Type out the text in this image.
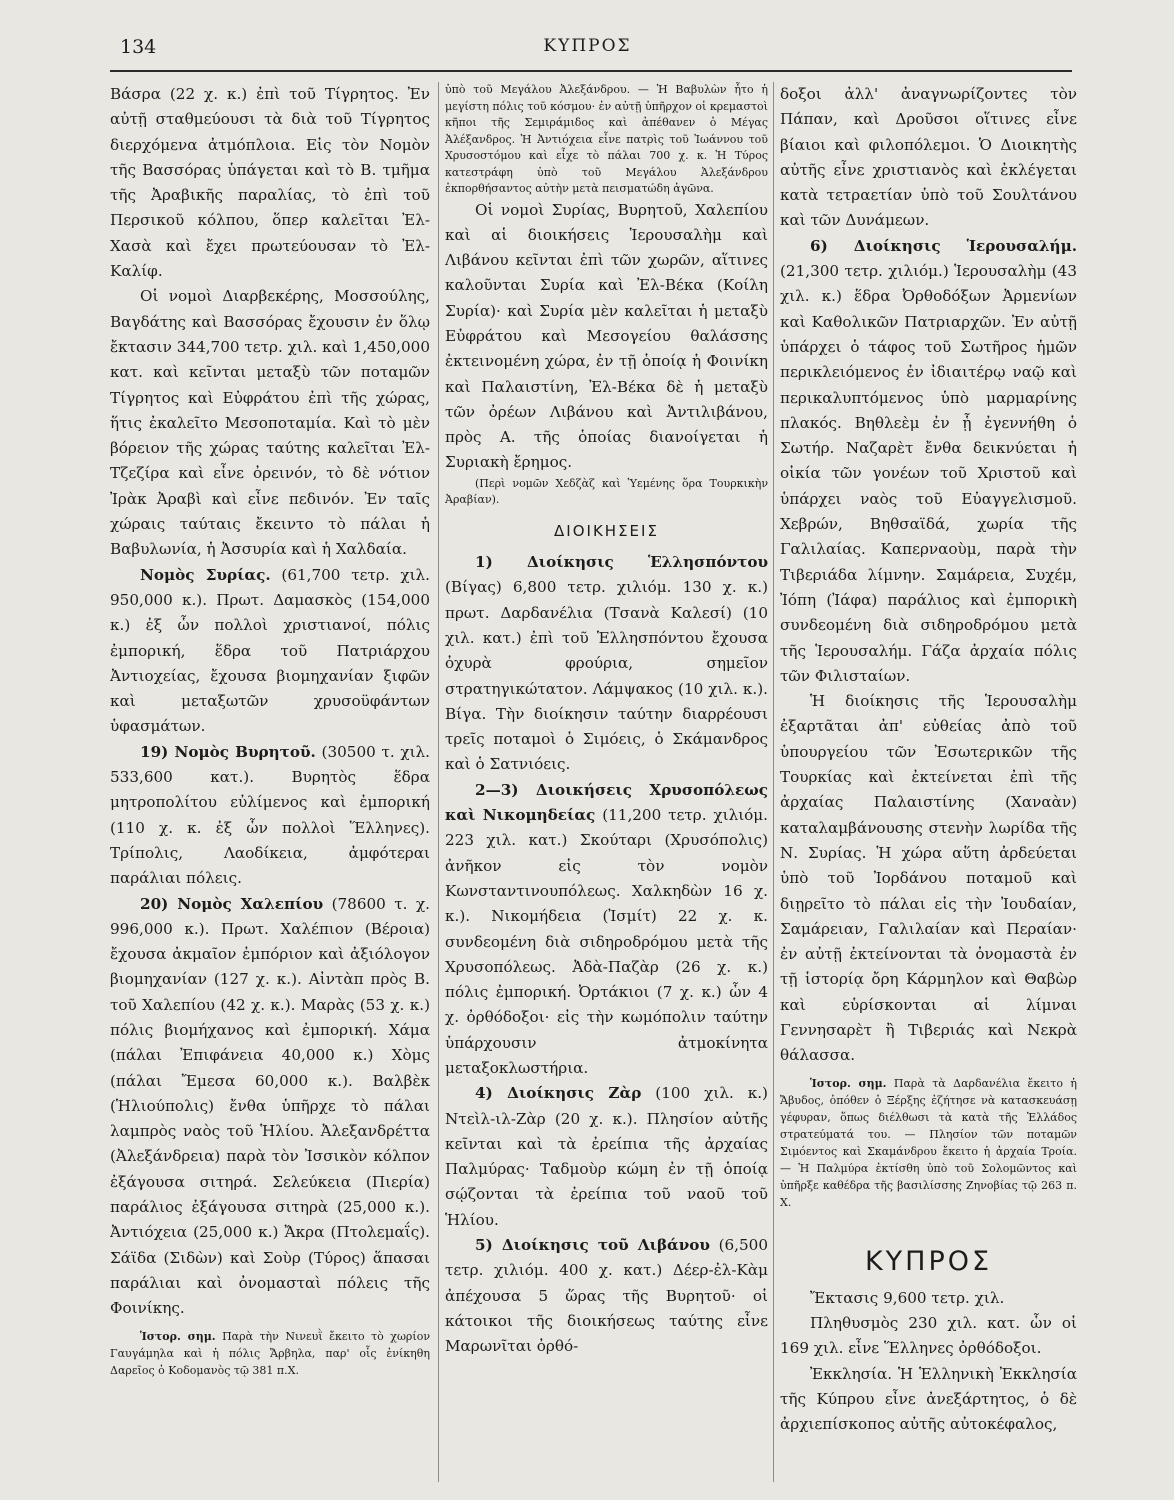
134	ΚΥΠΡΟΣ

Βάσρα (22 χ. κ.) ἐπὶ τοῦ Τίγρητος. Ἐν αὐτῇ σταθμεύουσι τὰ διὰ τοῦ Τίγρητος διερχόμενα ἀτμόπλοια. Εἰς τὸν Νομὸν τῆς Βασσόρας ὑπάγεται καὶ τὸ Β. τμῆμα τῆς Ἀραβικῆς παραλίας, τὸ ἐπὶ τοῦ Περσικοῦ κόλπου, ὅπερ καλεῖται Ἐλ-Χασὰ καὶ ἔχει πρωτεύουσαν τὸ Ἐλ-Καλίφ.

Οἱ νομοὶ Διαρβεκέρης, Μοσσούλης, Βαγδάτης καὶ Βασσόρας ἔχουσιν ἐν ὅλῳ ἔκτασιν 344,700 τετρ. χιλ. καὶ 1,450,000 κατ. καὶ κεῖνται μεταξὺ τῶν ποταμῶν Τίγρητος καὶ Εὐφράτου ἐπὶ τῆς χώρας, ἥτις ἐκαλεῖτο Μεσοποταμία. Καὶ τὸ μὲν βόρειον τῆς χώρας ταύτης καλεῖται Ἐλ-Τζεζίρα καὶ εἶνε ὀρεινόν, τὸ δὲ νότιον Ἰρὰκ Ἀραβὶ καὶ εἶνε πεδινόν. Ἐν ταῖς χώραις ταύταις ἔκειντο τὸ πάλαι ἡ Βαβυλωνία, ἡ Ἀσσυρία καὶ ἡ Χαλδαία.

Νομὸς Συρίας. (61,700 τετρ. χιλ. 950,000 κ.). Πρωτ. Δαμασκὸς (154,000 κ.) ἐξ ὧν πολλοὶ χριστιανοί, πόλις ἐμπορική, ἕδρα τοῦ Πατριάρχου Ἀντιοχείας, ἔχουσα βιομηχανίαν ξιφῶν καὶ μεταξωτῶν χρυσοϋφάντων ὑφασμάτων.

19) Νομὸς Βυρητοῦ. (30500 τ. χιλ. 533,600 κατ.). Βυρητὸς ἕδρα μητροπολίτου εὐλίμενος καὶ ἐμπορική (110 χ. κ. ἐξ ὧν πολλοὶ Ἕλληνες). Τρίπολις, Λαοδίκεια, ἀμφότεραι παράλιαι πόλεις.

20) Νομὸς Χαλεπίου (78600 τ. χ. 996,000 κ.). Πρωτ. Χαλέπιον (Βέροια) ἔχουσα ἀκμαῖον ἐμπόριον καὶ ἀξιόλογον βιομηχανίαν (127 χ. κ.). Αἰντὰπ πρὸς Β. τοῦ Χαλεπίου (42 χ. κ.). Μαρὰς (53 χ. κ.) πόλις βιομήχανος καὶ ἐμπορική. Χάμα (πάλαι Ἐπιφάνεια 40,000 κ.) Χὸμς (πάλαι Ἔμεσα 60,000 κ.). Βαλβὲκ (Ἡλιούπολις) ἔνθα ὑπῆρχε τὸ πάλαι λαμπρὸς ναὸς τοῦ Ἡλίου. Ἀλεξανδρέττα (Ἀλεξάνδρεια) παρὰ τὸν Ἰσσικὸν κόλπον ἐξάγουσα σιτηρά. Σελεύκεια (Πιερία) παράλιος ἐξάγουσα σιτηρὰ (25,000 κ.). Ἀντιόχεια (25,000 κ.) Ἄκρα (Πτολεμαΐς). Σάϊδα (Σιδὼν) καὶ Σοὺρ (Τύρος) ἅπασαι παράλιαι καὶ ὀνομασταὶ πόλεις τῆς Φοινίκης.

Ἱστορ. σημ. Παρὰ τὴν Νινευῒ ἔκειτο τὸ χωρίον Γαυγάμηλα καὶ ἡ πόλις Ἄρβηλα, παρ' οἷς ἐνίκηθη Δαρεῖος ὁ Κοδομανὸς τῷ 381 π.Χ.

ὑπὸ τοῦ Μεγάλου Ἀλεξάνδρου. — Ἡ Βαβυλὼν ἦτο ἡ μεγίστη πόλις τοῦ κόσμου· ἐν αὐτῇ ὑπῆρχον οἱ κρεμαστοὶ κῆποι τῆς Σεμιράμιδος καὶ ἀπέθανεν ὁ Μέγας Ἀλέξανδρος. Ἡ Ἀντιόχεια εἶνε πατρὶς τοῦ Ἰωάννου τοῦ Χρυσοστόμου καὶ εἶχε τὸ πάλαι 700 χ. κ. Ἡ Τύρος κατεστράφη ὑπὸ τοῦ Μεγάλου Ἀλεξάνδρου ἐκπορθήσαντος αὐτὴν μετὰ πεισματώδη ἀγῶνα.

Οἱ νομοὶ Συρίας, Βυρητοῦ, Χαλεπίου καὶ αἱ διοικήσεις Ἱερουσαλὴμ καὶ Λιβάνου κεῖνται ἐπὶ τῶν χωρῶν, αἵτινες καλοῦνται Συρία καὶ Ἐλ-Βέκα (Κοίλη Συρία)· καὶ Συρία μὲν καλεῖται ἡ μεταξὺ Εὐφράτου καὶ Μεσογείου θαλάσσης ἐκτεινομένη χώρα, ἐν τῇ ὁποίᾳ ἡ Φοινίκη καὶ Παλαιστίνη, Ἐλ-Βέκα δὲ ἡ μεταξὺ τῶν ὀρέων Λιβάνου καὶ Ἀντιλιβάνου, πρὸς Α. τῆς ὁποίας διανοίγεται ἡ Συριακὴ ἔρημος.

(Περὶ νομῶν Χεδζὰζ καὶ Ὑεμένης ὅρα Τουρκικὴν Ἀραβίαν).

ΔΙΟΙΚΗΣΕΙΣ

1) Διοίκησις Ἑλλησπόντου (Βίγας) 6,800 τετρ. χιλιόμ. 130 χ. κ.) πρωτ. Δαρδανέλια (Τσανὰ Καλεσί) (10 χιλ. κατ.) ἐπὶ τοῦ Ἑλλησπόντου ἔχουσα ὀχυρὰ φρούρια, σημεῖον στρατηγικώτατον. Λάμψακος (10 χιλ. κ.). Βίγα. Τὴν διοίκησιν ταύτην διαρρέουσι τρεῖς ποταμοὶ ὁ Σιμόεις, ὁ Σκάμανδρος καὶ ὁ Σατνιόεις.

2—3) Διοικήσεις Χρυσοπόλεως καὶ Νικομηδείας (11,200 τετρ. χιλιόμ. 223 χιλ. κατ.) Σκούταρι (Χρυσόπολις) ἀνῆκον εἰς τὸν νομὸν Κωνσταντινουπόλεως. Χαλκηδὼν 16 χ. κ.). Νικομήδεια (Ἰσμίτ) 22 χ. κ. συνδεομένη διὰ σιδηροδρόμου μετὰ τῆς Χρυσοπόλεως. Ἀδὰ-Παζὰρ (26 χ. κ.) πόλις ἐμπορική. Ὀρτάκιοι (7 χ. κ.) ὧν 4 χ. ὀρθόδοξοι· εἰς τὴν κωμόπολιν ταύτην ὑπάρχουσιν ἀτμοκίνητα μεταξοκλωστήρια.

4) Διοίκησις Ζὰρ (100 χιλ. κ.) Ντεὶλ-ιλ-Ζὰρ (20 χ. κ.). Πλησίον αὐτῆς κεῖνται καὶ τὰ ἐρείπια τῆς ἀρχαίας Παλμύρας· Ταδμοὺρ κώμη ἐν τῇ ὁποίᾳ σῴζονται τὰ ἐρείπια τοῦ ναοῦ τοῦ Ἡλίου.

5) Διοίκησις τοῦ Λιβάνου (6,500 τετρ. χιλιόμ. 400 χ. κατ.) Δέερ-ἐλ-Κὰμ ἀπέχουσα 5 ὥρας τῆς Βυρητοῦ· οἱ κάτοικοι τῆς διοικήσεως ταύτης εἶνε Μαρωνῖται ὀρθό-

δοξοι ἀλλ' ἀναγνωρίζοντες τὸν Πάπαν, καὶ Δροῦσοι οἵτινες εἶνε βίαιοι καὶ φιλοπόλεμοι. Ὁ Διοικητὴς αὐτῆς εἶνε χριστιανὸς καὶ ἐκλέγεται κατὰ τετραετίαν ὑπὸ τοῦ Σουλτάνου καὶ τῶν Δυνάμεων.

6) Διοίκησις Ἱερουσαλήμ. (21,300 τετρ. χιλιόμ.) Ἱερουσαλὴμ (43 χιλ. κ.) ἕδρα Ὀρθοδόξων Ἀρμενίων καὶ Καθολικῶν Πατριαρχῶν. Ἐν αὐτῇ ὑπάρχει ὁ τάφος τοῦ Σωτῆρος ἡμῶν περικλειόμενος ἐν ἰδιαιτέρῳ ναῷ καὶ περικαλυπτόμενος ὑπὸ μαρμαρίνης πλακός. Βηθλεὲμ ἐν ᾗ ἐγεννήθη ὁ Σωτήρ. Ναζαρὲτ ἔνθα δεικνύεται ἡ οἰκία τῶν γονέων τοῦ Χριστοῦ καὶ ὑπάρχει ναὸς τοῦ Εὐαγγελισμοῦ. Χεβρών, Βηθσαϊδά, χωρία τῆς Γαλιλαίας. Καπερναοὺμ, παρὰ τὴν Τιβεριάδα λίμνην. Σαμάρεια, Συχέμ, Ἰόπη (Ἰάφα) παράλιος καὶ ἐμπορικὴ συνδεομένη διὰ σιδηροδρόμου μετὰ τῆς Ἱερουσαλήμ. Γάζα ἀρχαία πόλις τῶν Φιλισταίων.

Ἡ διοίκησις τῆς Ἱερουσαλὴμ ἐξαρτᾶται ἀπ' εὐθείας ἀπὸ τοῦ ὑπουργείου τῶν Ἐσωτερικῶν τῆς Τουρκίας καὶ ἐκτείνεται ἐπὶ τῆς ἀρχαίας Παλαιστίνης (Χαναὰν) καταλαμβάνουσης στενὴν λωρίδα τῆς Ν. Συρίας. Ἡ χώρα αὕτη ἀρδεύεται ὑπὸ τοῦ Ἰορδάνου ποταμοῦ καὶ διῃρεῖτο τὸ πάλαι εἰς τὴν Ἰουδαίαν, Σαμάρειαν, Γαλιλαίαν καὶ Περαίαν· ἐν αὐτῇ ἐκτείνονται τὰ ὀνομαστὰ ἐν τῇ ἱστορίᾳ ὄρη Κάρμηλον καὶ Θαβὼρ καὶ εὑρίσκονται αἱ λίμναι Γεννησαρὲτ ἢ Τιβεριάς καὶ Νεκρὰ θάλασσα.

Ἱστορ. σημ. Παρὰ τὰ Δαρδανέλια ἔκειτο ἡ Ἄβυδος, ὁπόθεν ὁ Ξέρξης ἐζήτησε νὰ κατασκευάσῃ γέφυραν, ὅπως διέλθωσι τὰ κατὰ τῆς Ἑλλάδος στρατεύματά του. — Πλησίον τῶν ποταμῶν Σιμόεντος καὶ Σκαμάνδρου ἔκειτο ἡ ἀρχαία Τροία. — Ἡ Παλμύρα ἐκτίσθη ὑπὸ τοῦ Σολομῶντος καὶ ὑπῆρξε καθέδρα τῆς βασιλίσσης Ζηνοβίας τῷ 263 π. Χ.

ΚΥΠΡΟΣ

Ἔκτασις 9,600 τετρ. χιλ.

Πληθυσμὸς 230 χιλ. κατ. ὧν οἱ 169 χιλ. εἶνε Ἕλληνες ὀρθόδοξοι.

Ἐκκλησία. Ἡ Ἑλληνικὴ Ἐκκλησία τῆς Κύπρου εἶνε ἀνεξάρτητος, ὁ δὲ ἀρχιεπίσκοπος αὐτῆς αὐτοκέφαλος,
